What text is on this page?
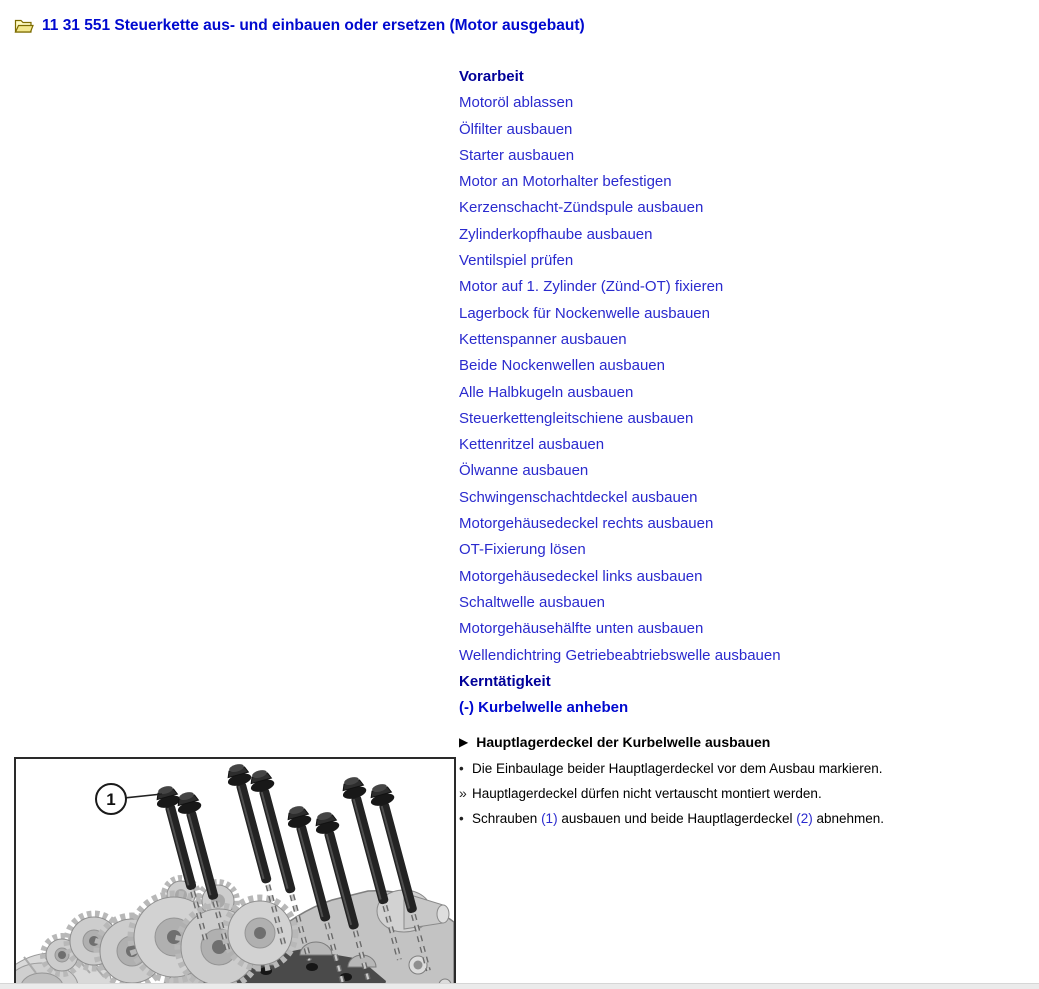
11 31 551 Steuerkette aus- und einbauen oder ersetzen (Motor ausgebaut)
Vorarbeit
Motoröl ablassen
Ölfilter ausbauen
Starter ausbauen
Motor an Motorhalter befestigen
Kerzenschacht-Zündspule ausbauen
Zylinderkopfhaube ausbauen
Ventilspiel prüfen
Motor auf 1. Zylinder (Zünd-OT) fixieren
Lagerbock für Nockenwelle ausbauen
Kettenspanner ausbauen
Beide Nockenwellen ausbauen
Alle Halbkugeln ausbauen
Steuerkettengleitschiene ausbauen
Kettenritzel ausbauen
Ölwanne ausbauen
Schwingenschachtdeckel ausbauen
Motorgehäusedeckel rechts ausbauen
OT-Fixierung lösen
Motorgehäusedeckel links ausbauen
Schaltwelle ausbauen
Motorgehäusehälfte unten ausbauen
Wellendichtring Getriebeabtriebswelle ausbauen
Kerntätigkeit
(-) Kurbelwelle anheben
▶ Hauptlagerdeckel der Kurbelwelle ausbauen
• Die Einbaulage beider Hauptlagerdeckel vor dem Ausbau markieren.
» Hauptlagerdeckel dürfen nicht vertauscht montiert werden.
• Schrauben (1) ausbauen und beide Hauptlagerdeckel (2) abnehmen.
1
